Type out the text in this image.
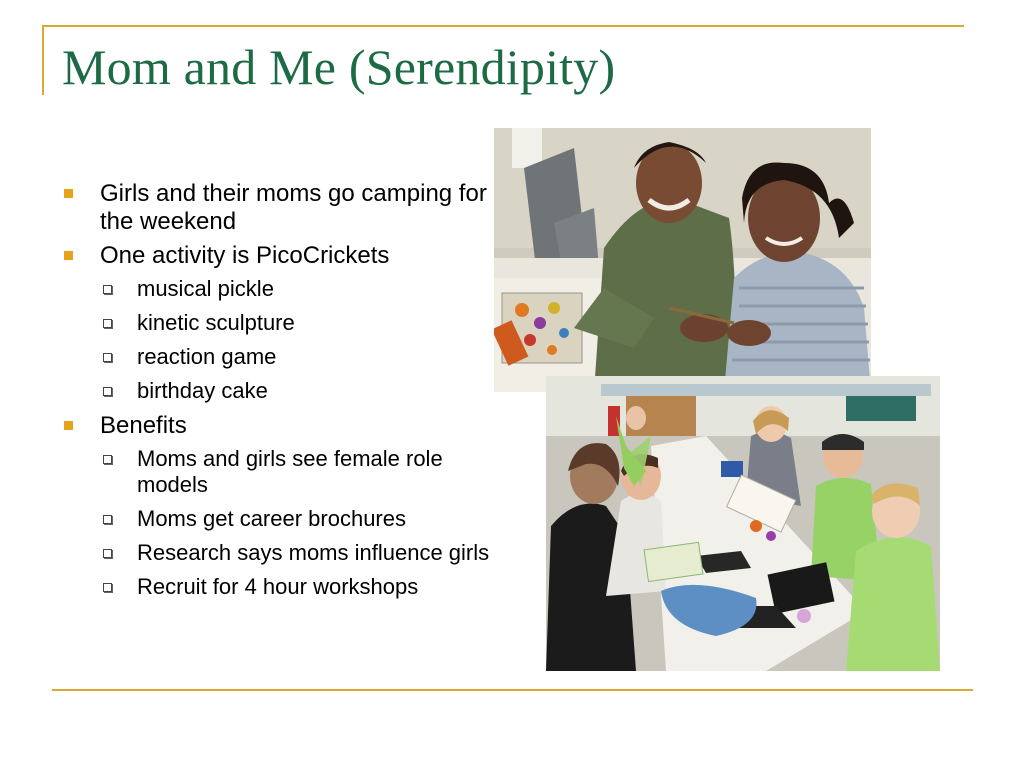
Mom and Me (Serendipity)
Girls and their moms go camping for the weekend
One activity is PicoCrickets
musical pickle
kinetic sculpture
reaction game
birthday cake
Benefits
Moms and girls see female role models
Moms get career brochures
Research says moms influence girls
Recruit for 4 hour workshops
